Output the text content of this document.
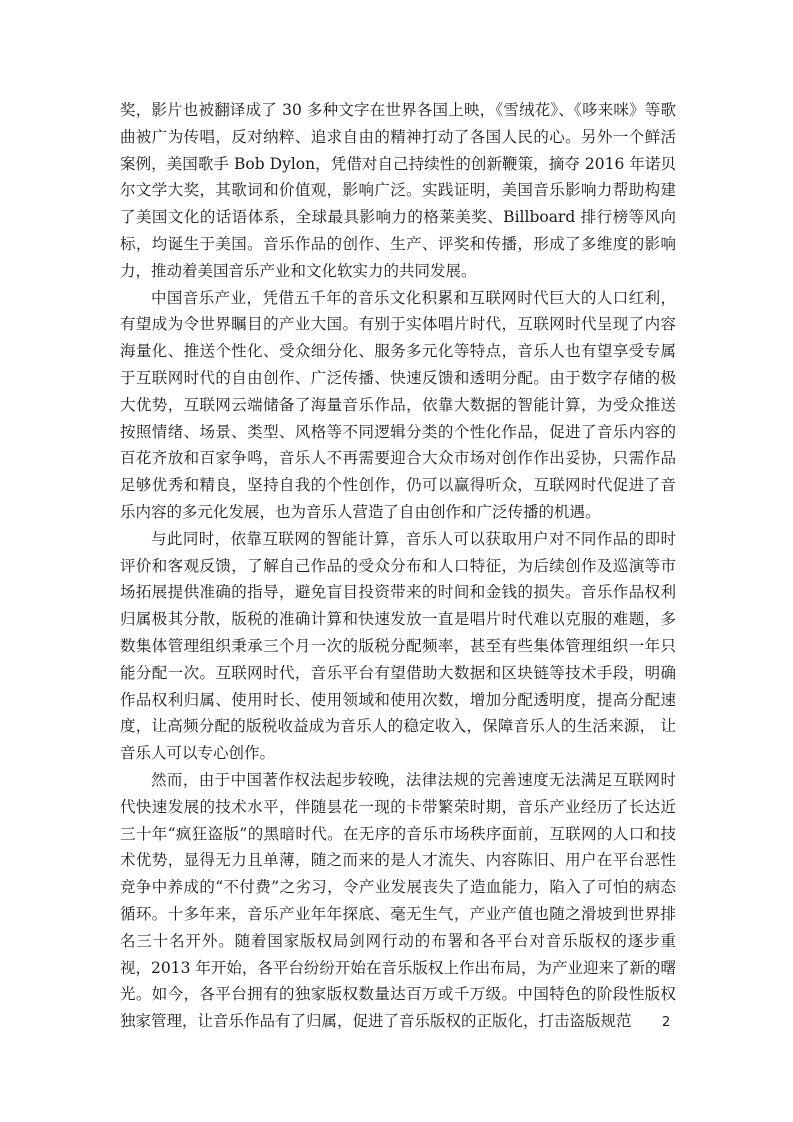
奖，影片也被翻译成了 30 多种文字在世界各国上映，《雪绒花》、《哆来咪》等歌曲被广为传唱，反对纳粹、追求自由的精神打动了各国人民的心。另外一个鲜活案例，美国歌手 Bob Dylon，凭借对自己持续性的创新鞭策，摘夺 2016 年诺贝尔文学大奖，其歌词和价值观，影响广泛。实践证明，美国音乐影响力帮助构建了美国文化的话语体系，全球最具影响力的格莱美奖、Billboard 排行榜等风向标，均诞生于美国。音乐作品的创作、生产、评奖和传播，形成了多维度的影响力，推动着美国音乐产业和文化软实力的共同发展。

中国音乐产业，凭借五千年的音乐文化积累和互联网时代巨大的人口红利，有望成为令世界瞩目的产业大国。有别于实体唱片时代，互联网时代呈现了内容海量化、推送个性化、受众细分化、服务多元化等特点，音乐人也有望享受专属于互联网时代的自由创作、广泛传播、快速反馈和透明分配。由于数字存储的极大优势，互联网云端储备了海量音乐作品，依靠大数据的智能计算，为受众推送按照情绪、场景、类型、风格等不同逻辑分类的个性化作品，促进了音乐内容的百花齐放和百家争鸣，音乐人不再需要迎合大众市场对创作作出妥协，只需作品足够优秀和精良，坚持自我的个性创作，仍可以赢得听众，互联网时代促进了音乐内容的多元化发展，也为音乐人营造了自由创作和广泛传播的机遇。

与此同时，依靠互联网的智能计算，音乐人可以获取用户对不同作品的即时评价和客观反馈，了解自己作品的受众分布和人口特征，为后续创作及巡演等市场拓展提供准确的指导，避免盲目投资带来的时间和金钱的损失。音乐作品权利归属极其分散，版税的准确计算和快速发放一直是唱片时代难以克服的难题，多数集体管理组织秉承三个月一次的版税分配频率，甚至有些集体管理组织一年只能分配一次。互联网时代，音乐平台有望借助大数据和区块链等技术手段，明确作品权利归属、使用时长、使用领域和使用次数，增加分配透明度，提高分配速度，让高频分配的版税收益成为音乐人的稳定收入，保障音乐人的生活来源， 让音乐人可以专心创作。

然而，由于中国著作权法起步较晚，法律法规的完善速度无法满足互联网时代快速发展的技术水平，伴随昙花一现的卡带繁荣时期，音乐产业经历了长达近三十年“疯狂盗版”的黑暗时代。在无序的音乐市场秩序面前，互联网的人口和技术优势，显得无力且单薄，随之而来的是人才流失、内容陈旧、用户在平台恶性竞争中养成的“不付费”之劣习，令产业发展丧失了造血能力，陷入了可怕的病态循环。十多年来，音乐产业年年探底、毫无生气，产业产值也随之滑坡到世界排名三十名开外。随着国家版权局剑网行动的布署和各平台对音乐版权的逐步重视，2013 年开始，各平台纷纷开始在音乐版权上作出布局，为产业迎来了新的曙光。如今，各平台拥有的独家版权数量达百万或千万级。中国特色的阶段性版权独家管理，让音乐作品有了归属，促进了音乐版权的正版化，打击盗版规范	2
